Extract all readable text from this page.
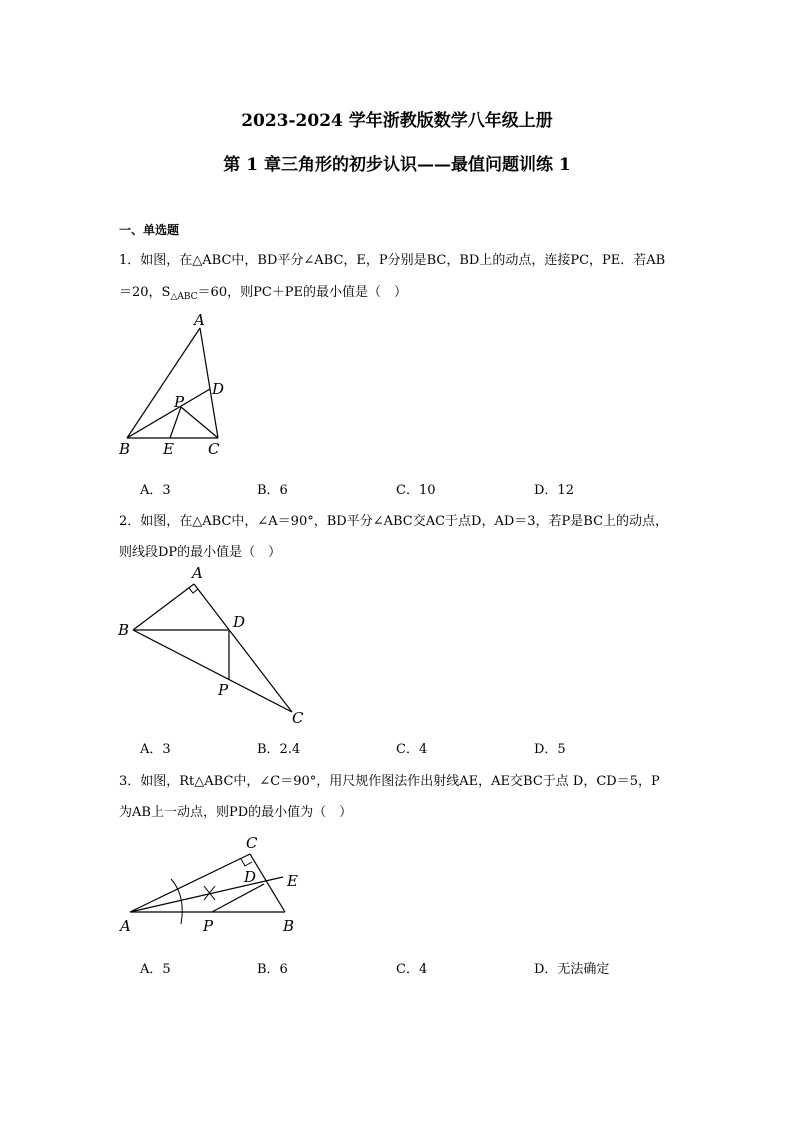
2023-2024 学年浙教版数学八年级上册
第 1 章三角形的初步认识——最值问题训练 1
一、单选题
1．如图，在△ABC中，BD平分∠ABC，E，P分别是BC，BD上的动点，连接PC，PE．若AB
＝20，$S_{\triangle ABC}=60$，则PC＋PE的最小值是（　）
A
B	C
D
E
P
A．3	B．6	C．10	D．12
2．如图，在△ABC中，∠A＝90°，BD平分∠ABC交AC于点D，AD＝3，若P是BC上的动点，
则线段DP的最小值是（　）
A
B
C
D
P
A．3	B．2.4	C．4	D．5
3．如图，Rt△ABC中，∠C＝90°，用尺规作图法作出射线AE，AE交BC于点 D，CD＝5，P
为AB上一动点，则PD的最小值为（　）
C
D E
A	P	B
A．5	B．6	C．4	D．无法确定
